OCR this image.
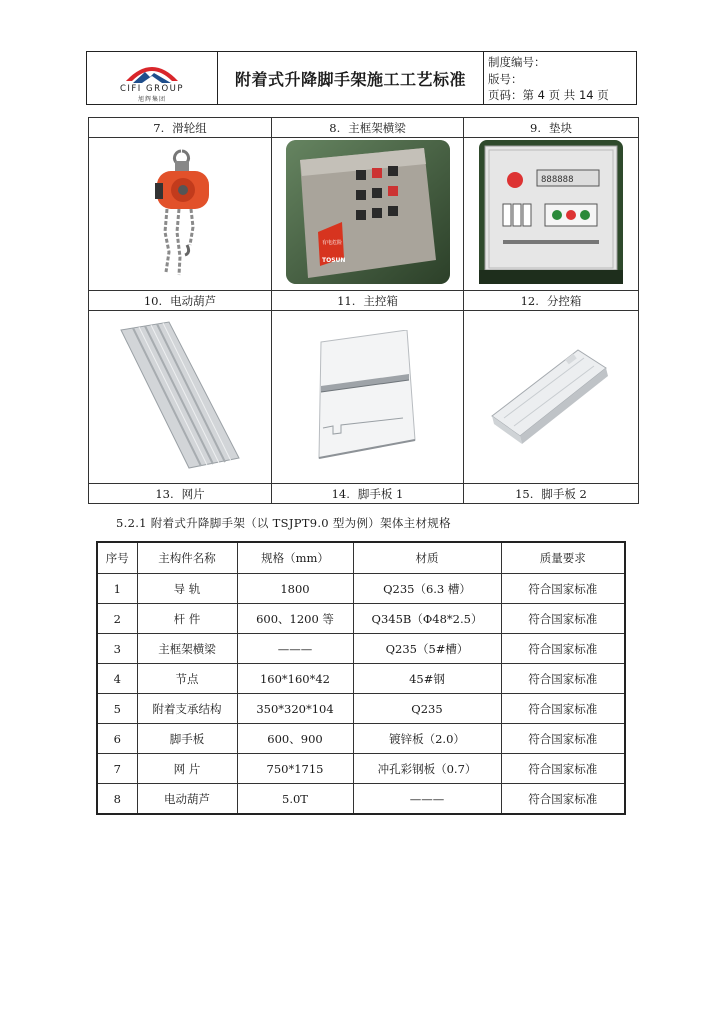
CIFI GROUP
旭辉集团
附着式升降脚手架施工工艺标准
制度编号：
版号：
页码：第 4 页 共 14 页
7. 滑轮组	8. 主框架横梁	9. 垫块

有电危险
TOSUN	888888

10. 电动葫芦	11. 主控箱	12. 分控箱

13. 网片	14. 脚手板 1	15. 脚手板 2
5.2.1 附着式升降脚手架（以 TSJPT9.0 型为例）架体主材规格
序号	主构件名称	规格（mm）	材质	质量要求
1	导 轨	1800	Q235（6.3 槽）	符合国家标准
2	杆 件	600、1200 等	Q345B（Φ48*2.5）	符合国家标准
3	主框架横梁	———	Q235（5#槽）	符合国家标准
4	节点	160*160*42	45#钢	符合国家标准
5	附着支承结构	350*320*104	Q235	符合国家标准
6	脚手板	600、900	镀锌板（2.0）	符合国家标准
7	网 片	750*1715	冲孔彩钢板（0.7）	符合国家标准
8	电动葫芦	5.0T	———	符合国家标准
